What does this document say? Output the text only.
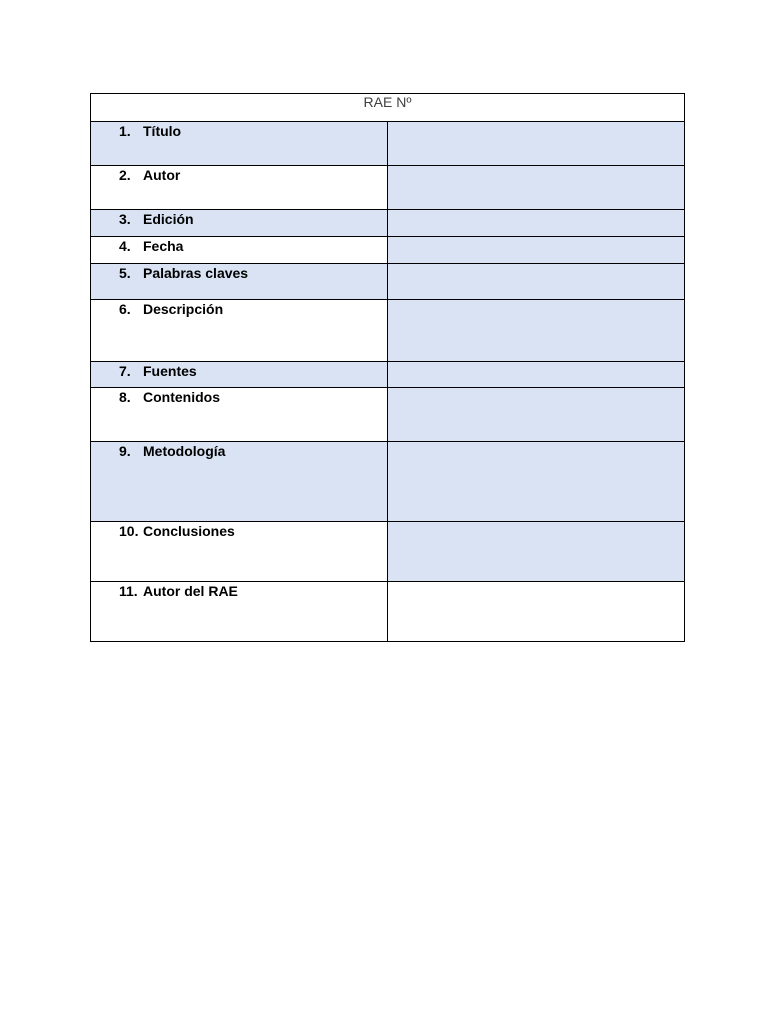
RAE Nº	

1. Título	

2. Autor	

3. Edición	

4. Fecha	

5. Palabras claves	

6. Descripción	

7. Fuentes	

8. Contenidos	

9. Metodología	

10. Conclusiones	

11. Autor del RAE	
